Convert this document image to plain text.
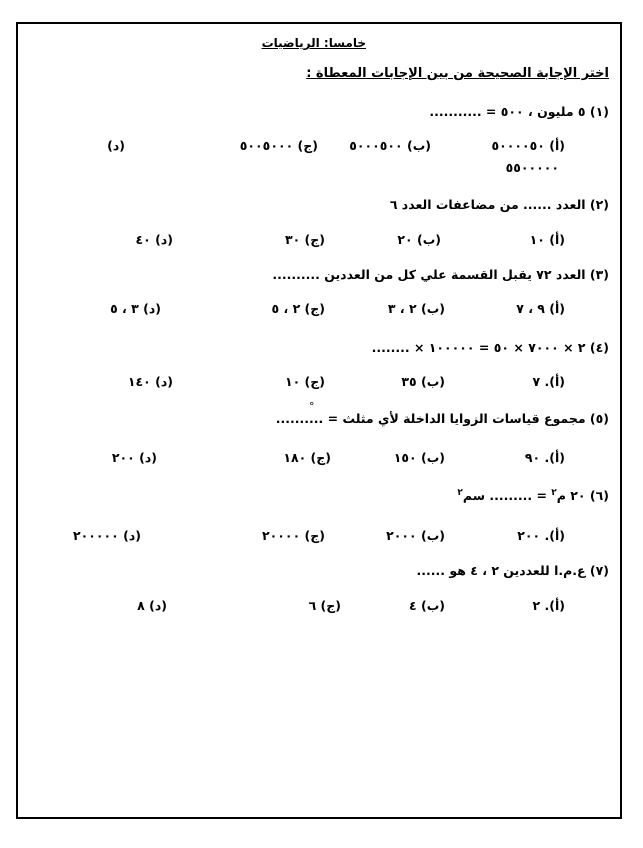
خامسا: الرياضيات
اختر الإجابة الصحيحة من بين الإجابات المعطاة :
(١) ٥ مليون ، ٥٠٠ = ...........
(أ) ٥٠٠٠٠٥٠
(ب) ٥٠٠٠٥٠٠
(ج) ٥٠٠٥٠٠٠
(د)
٥٥٠٠٠٠٠
(٢) العدد ...... من مضاعفات العدد ٦
(أ) ١٠
(ب) ٢٠
(ج) ٣٠
(د) ٤٠
(٣) العدد ٧٢ يقبل القسمة علي كل من العددين ..........
(أ) ٩ ، ٧
(ب) ٢ ، ٣
(ج) ٢ ، ٥
(د) ٣ ، ٥
(٤) ٢ × ٧٠٠٠ × ٥٠ = ١٠٠٠٠٠ × ........
(أ). ٧
(ب) ٣٥
(ج) ١٠
(د) ١٤٠
°
(٥) مجموع قياسات الزوايا الداخلة لأي مثلث = ..........
(أ). ٩٠
(ب) ١٥٠
(ج) ١٨٠
(د) ٢٠٠
(٦) ٢٠ م$^٢$ = ......... سم$^٢$
(أ). ٢٠٠
(ب) ٢٠٠٠
(ج) ٢٠٠٠٠
(د) ٢٠٠٠٠٠
(٧) ع.م.ا للعددين ٢ ، ٤ هو ......
(أ). ٢
(ب) ٤
(ج) ٦
(د) ٨
